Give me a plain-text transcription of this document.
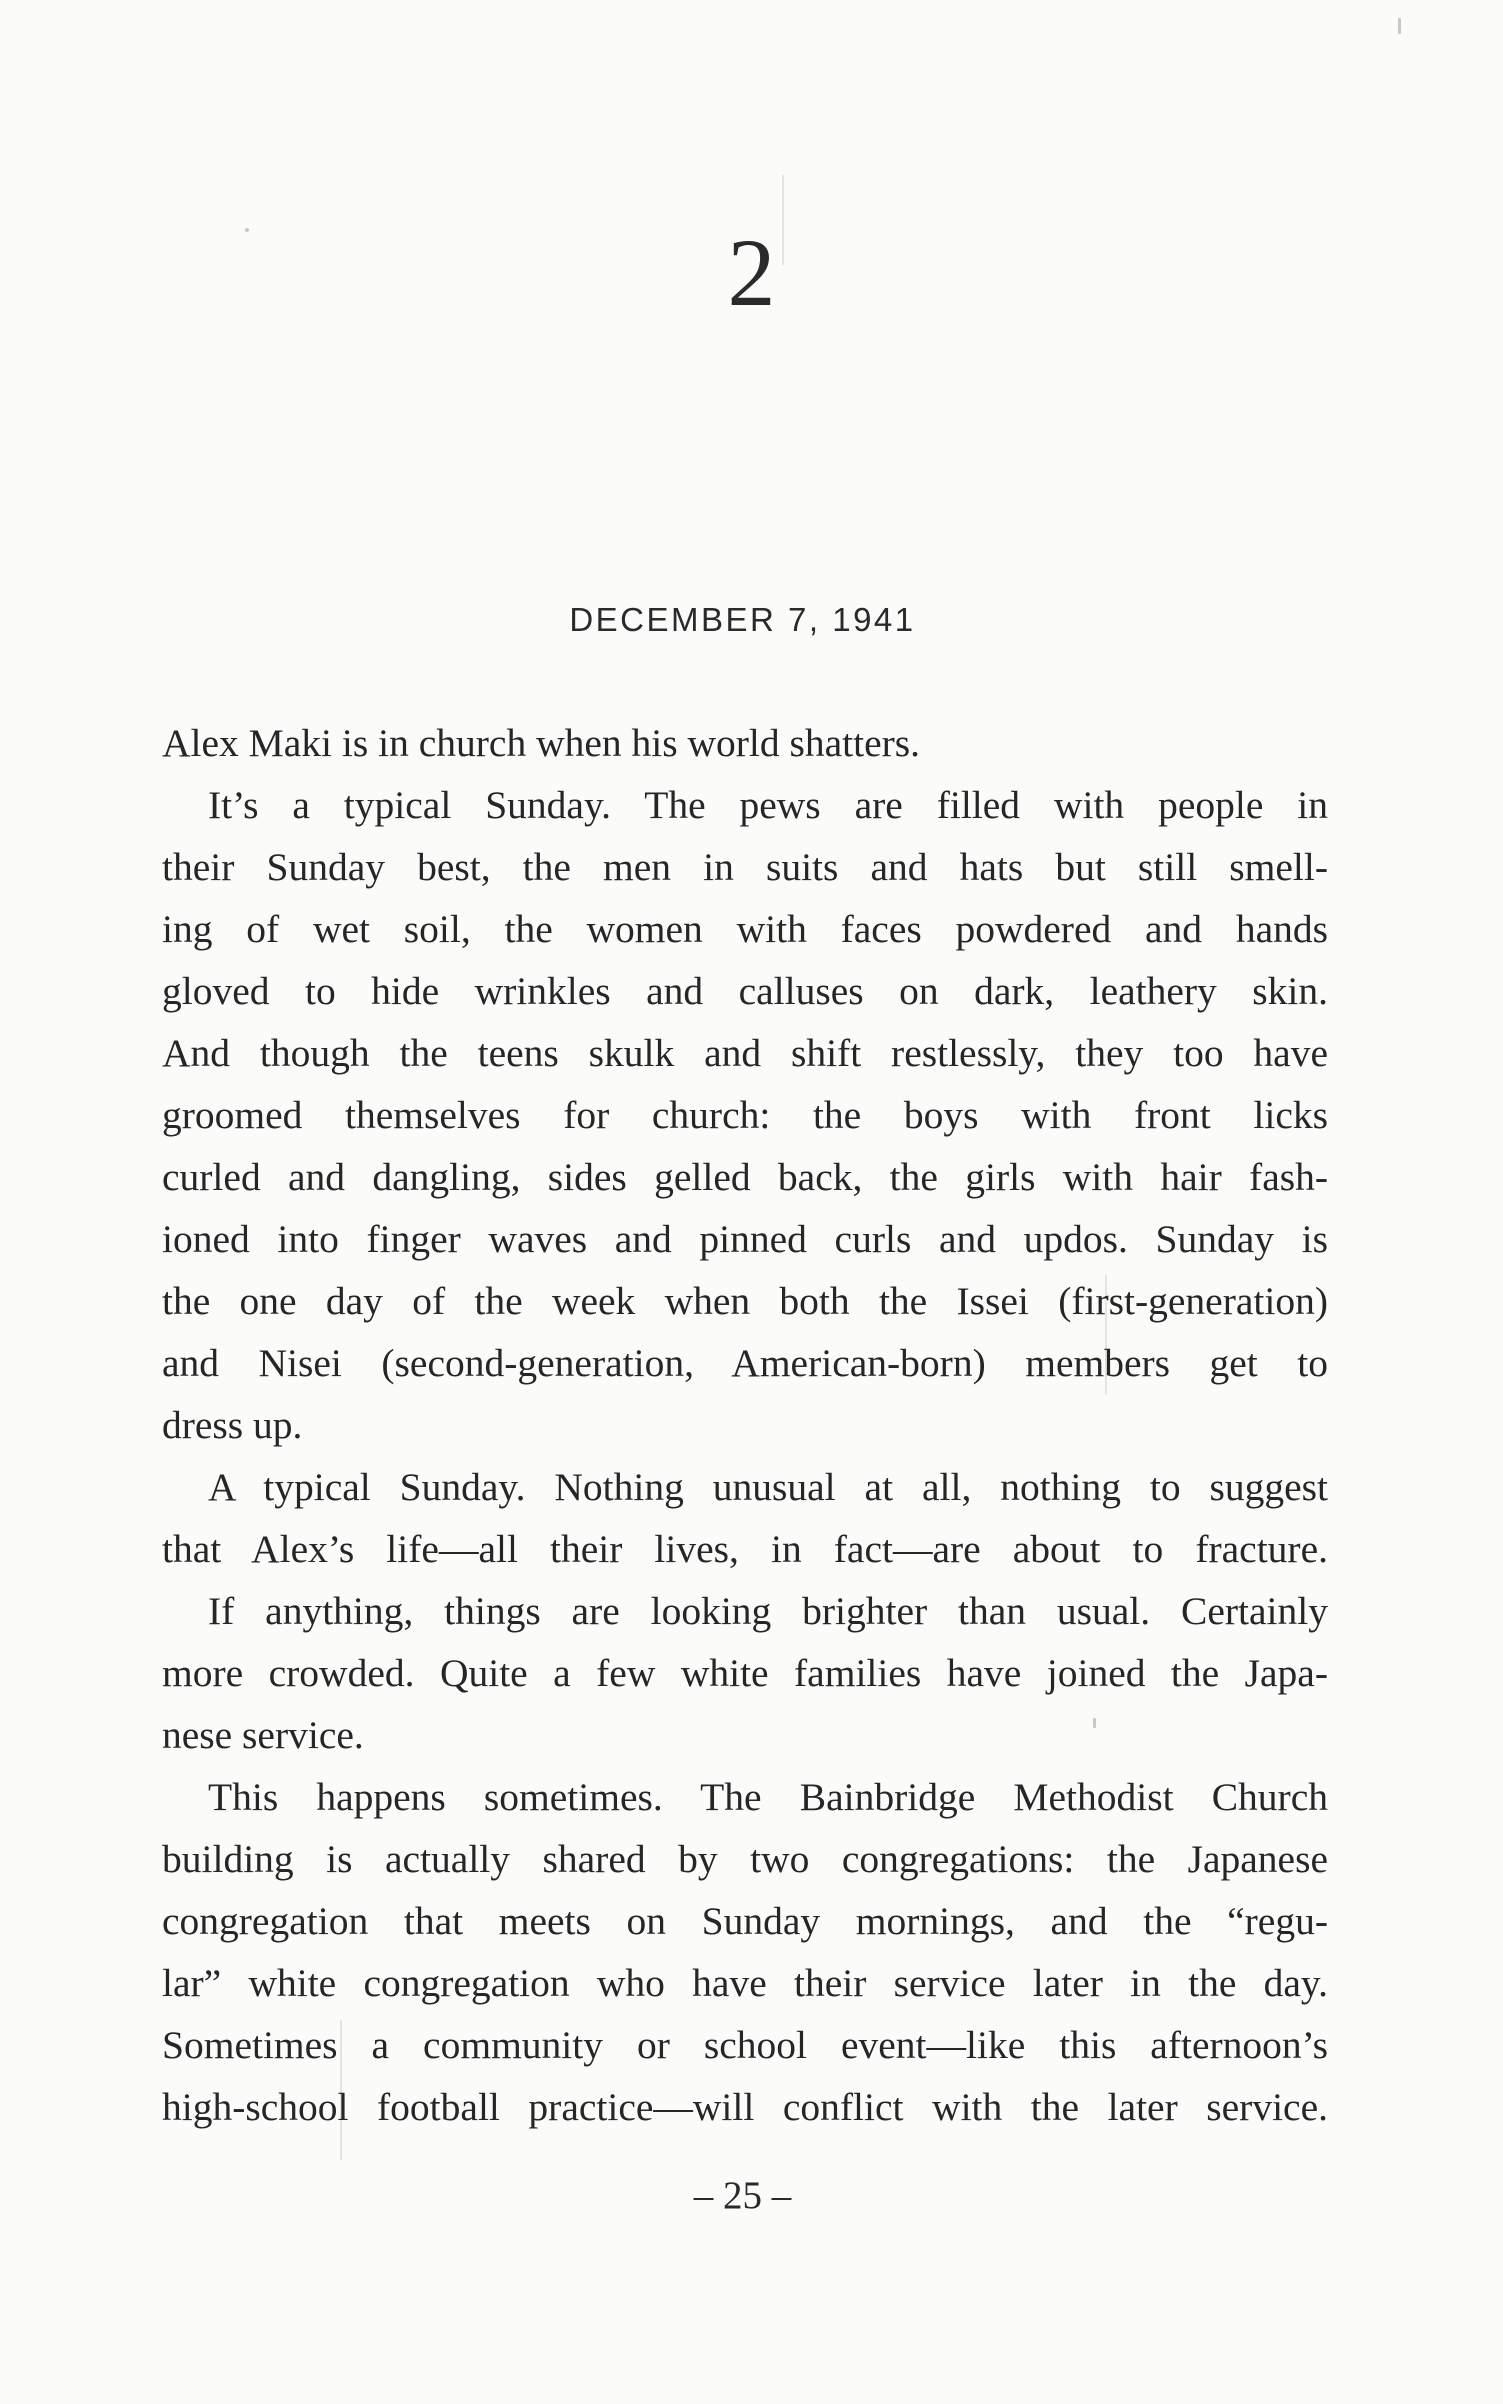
2
DECEMBER 7, 1941
Alex Maki is in church when his world shatters.
It’s a typical Sunday. The pews are filled with people in
their Sunday best, the men in suits and hats but still smell-
ing of wet soil, the women with faces powdered and hands
gloved to hide wrinkles and calluses on dark, leathery skin.
And though the teens skulk and shift restlessly, they too have
groomed themselves for church: the boys with front licks
curled and dangling, sides gelled back, the girls with hair fash-
ioned into finger waves and pinned curls and updos. Sunday is
the one day of the week when both the Issei (first-generation)
and Nisei (second-generation, American-born) members get to
dress up.
A typical Sunday. Nothing unusual at all, nothing to suggest
that Alex’s life—all their lives, in fact—are about to fracture.
If anything, things are looking brighter than usual. Certainly
more crowded. Quite a few white families have joined the Japa-
nese service.
This happens sometimes. The Bainbridge Methodist Church
building is actually shared by two congregations: the Japanese
congregation that meets on Sunday mornings, and the “regu-
lar” white congregation who have their service later in the day.
Sometimes a community or school event—like this afternoon’s
high-school football practice—will conflict with the later service.
– 25 –
